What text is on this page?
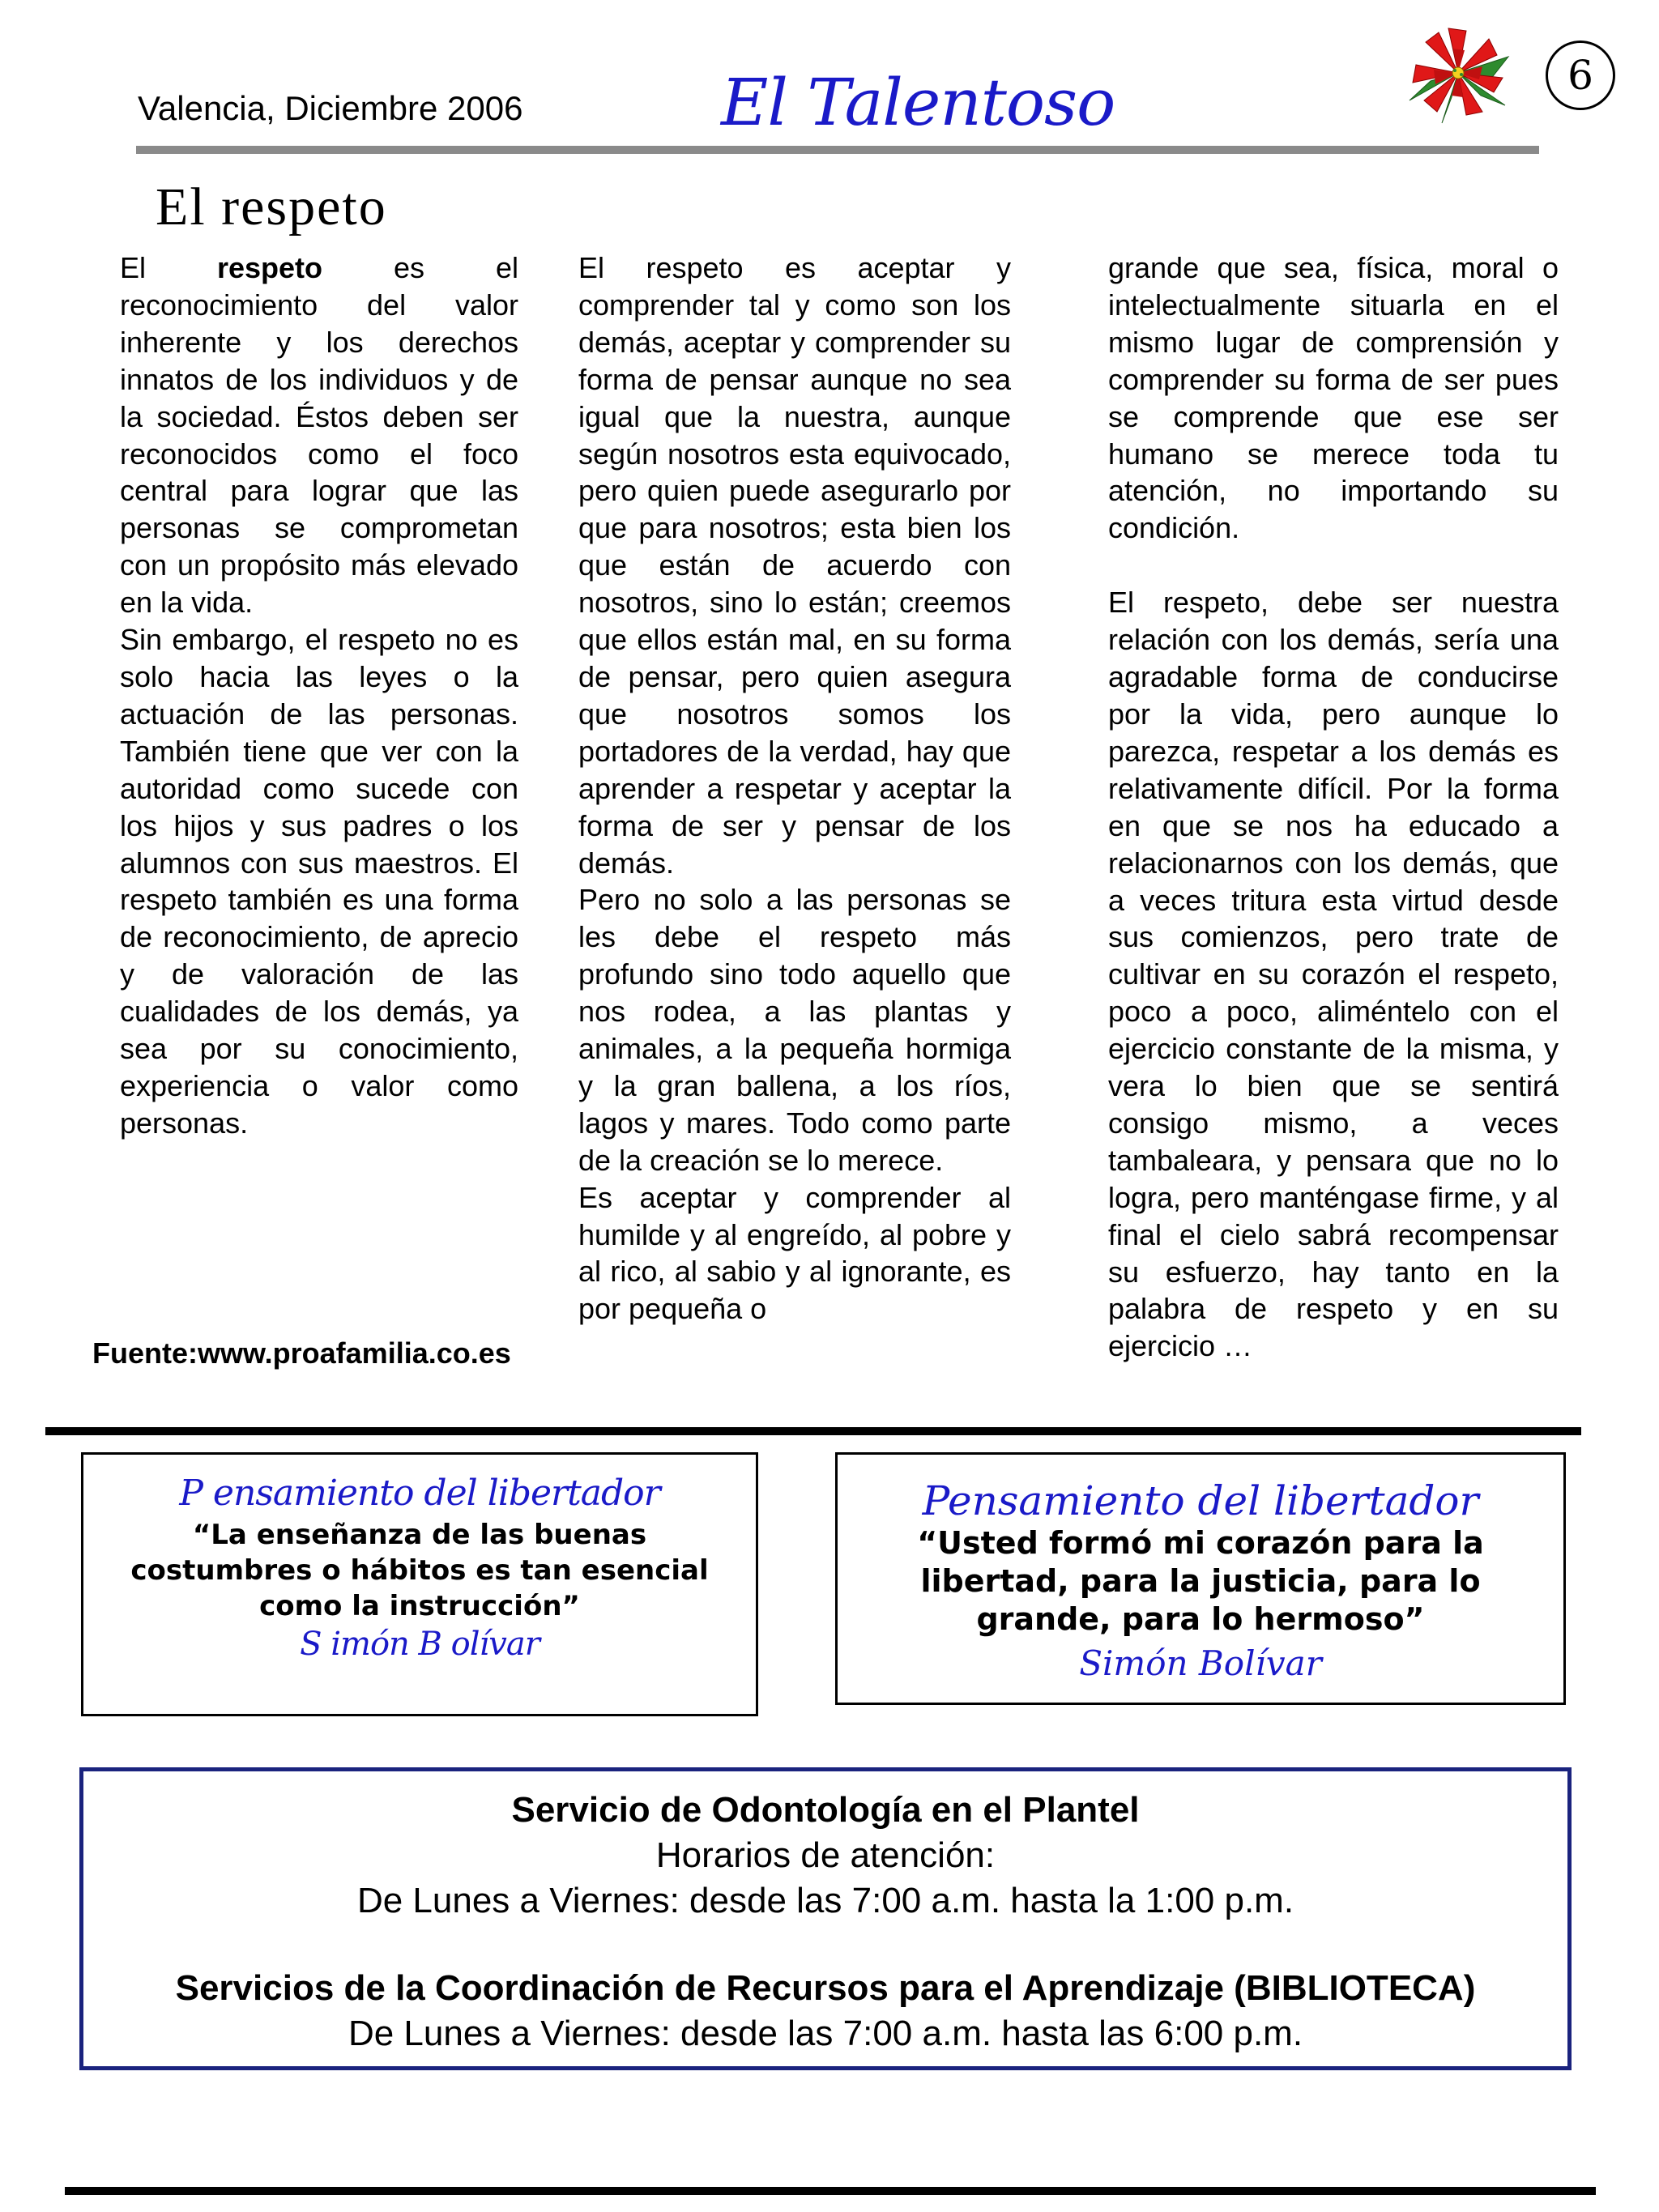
Valencia, Diciembre 2006	El Talentoso	6
El respeto

El respeto es el reconocimiento del valor inherente y los derechos innatos de los individuos y de la sociedad. Éstos deben ser reconocidos como el foco central para lograr que las personas se comprometan con un propósito más elevado en la vida.

Sin embargo, el respeto no es solo hacia las leyes o la actuación de las personas. También tiene que ver con la autoridad como sucede con los hijos y sus padres o los alumnos con sus maestros. El respeto también es una forma de reconocimiento, de aprecio y de valoración de las cualidades de los demás, ya sea por su conocimiento, experiencia o valor como personas.

Fuente:www.proafamilia.co.es

El respeto es aceptar y comprender tal y como son los demás, aceptar y comprender su forma de pensar aunque no sea igual que la nuestra, aunque según nosotros esta equivocado, pero quien puede asegurarlo por que para nosotros; esta bien los que están de acuerdo con nosotros, sino lo están; creemos que ellos están mal, en su forma de pensar, pero quien asegura que nosotros somos los portadores de la verdad, hay que aprender a respetar y aceptar la forma de ser y pensar de los demás.

Pero no solo a las personas se les debe el respeto más profundo sino todo aquello que nos rodea, a las plantas y animales, a la pequeña hormiga y la gran ballena, a los ríos, lagos y mares. Todo como parte de la creación se lo merece.

Es aceptar y comprender al humilde y al engreído, al pobre y al rico, al sabio y al ignorante, es por pequeña o

grande que sea, física, moral o intelectualmente situarla en el mismo lugar de comprensión y comprender su forma de ser pues se comprende que ese ser humano se merece toda tu atención, no importando su condición.

El respeto, debe ser nuestra relación con los demás, sería una agradable forma de conducirse por la vida, pero aunque lo parezca, respetar a los demás es relativamente difícil. Por la forma en que se nos ha educado a relacionarnos con los demás, que a veces tritura esta virtud desde sus comienzos, pero trate de cultivar en su corazón el respeto, poco a poco, aliméntelo con el ejercicio constante de la misma, y vera lo bien que se sentirá consigo mismo, a veces tambaleara, y pensara que no lo logra, pero manténgase firme, y al final el cielo sabrá recompensar su esfuerzo, hay tanto en la palabra de respeto y en su ejercicio …

P ensamiento del libertador
“La enseñanza de las buenas costumbres o hábitos es tan esencial como la instrucción”
S imón B olívar
Pensamiento del libertador
“Usted formó mi corazón para la libertad, para la justicia, para lo grande, para lo hermoso”
Simón Bolívar
Servicio de Odontología en el Plantel
Horarios de atención:
De Lunes a Viernes: desde las 7:00 a.m. hasta la 1:00 p.m.
Servicios de la Coordinación de Recursos para el Aprendizaje (BIBLIOTECA)
De Lunes a Viernes: desde las 7:00 a.m. hasta las 6:00 p.m.
